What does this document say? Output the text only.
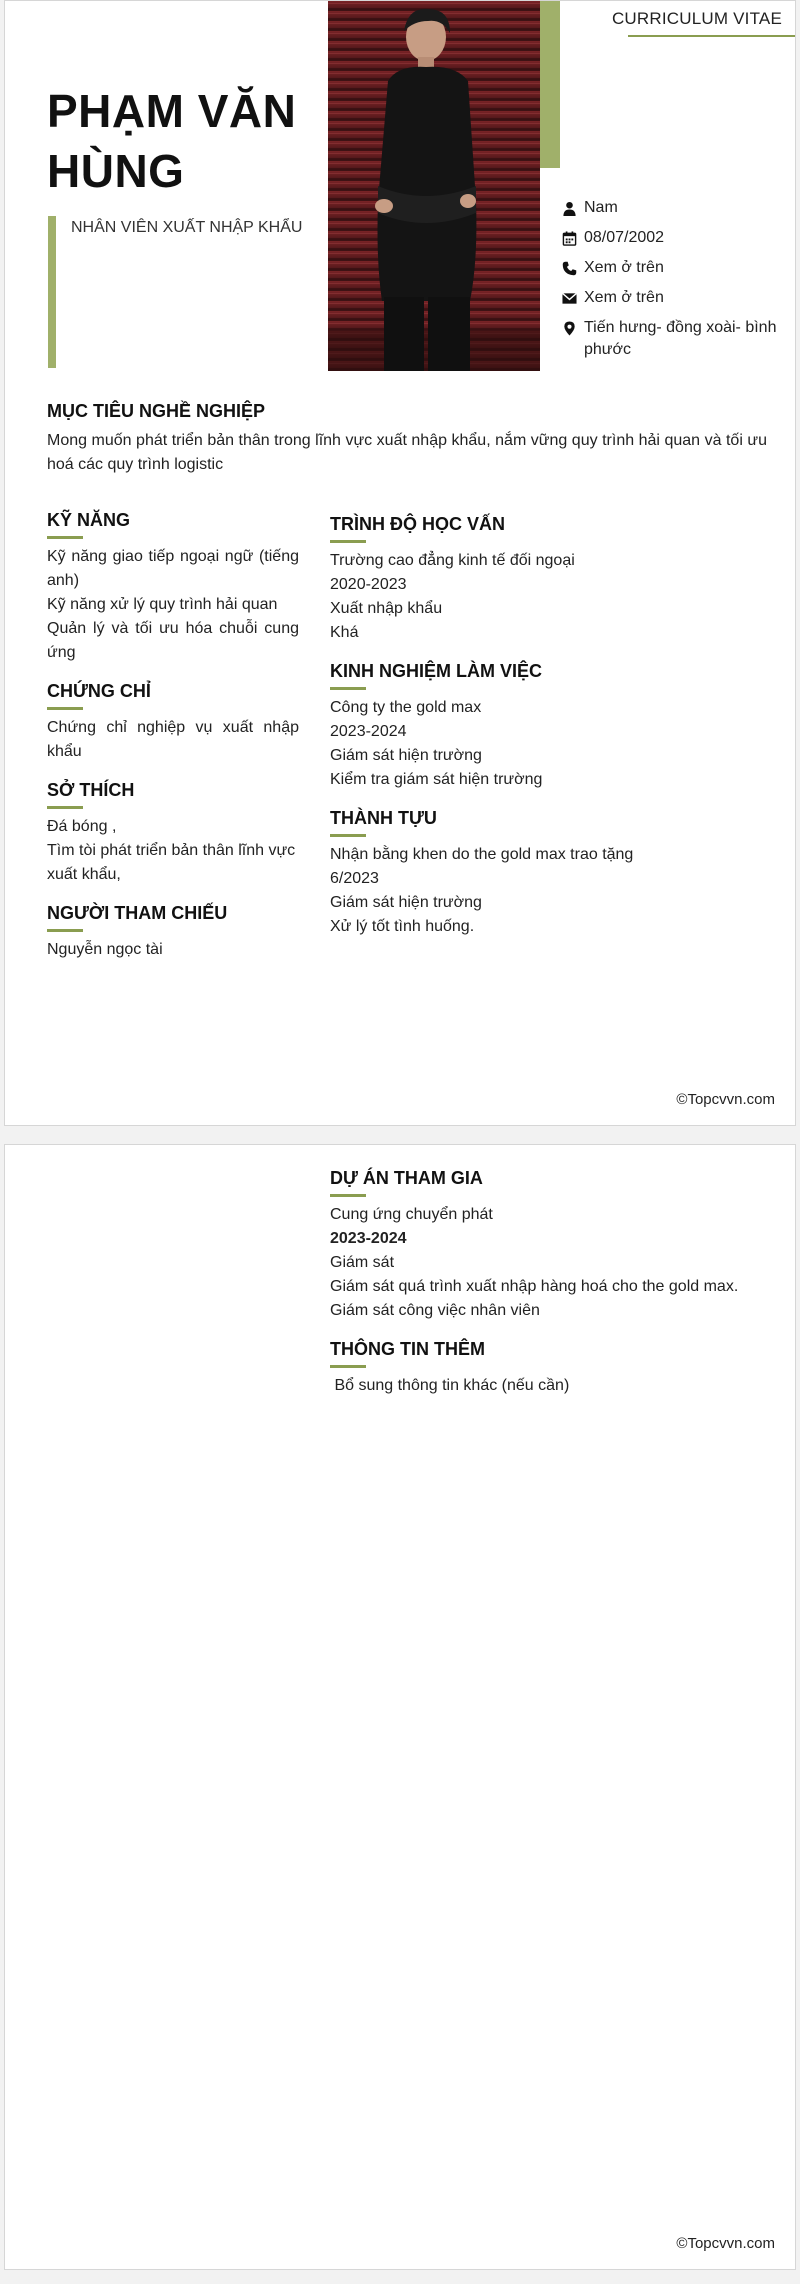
CURRICULUM VITAE
PHẠM VĂN HÙNG
NHÂN VIÊN XUẤT NHẬP KHẨU
Nam
08/07/2002
Xem ở trên
Xem ở trên
Tiến hưng- đồng xoài- bình phước
MỤC TIÊU NGHỀ NGHIỆP
Mong muốn phát triển bản thân trong lĩnh vực xuất nhập khẩu, nắm vững quy trình hải quan và tối ưu hoá các quy trình logistic
KỸ NĂNG
Kỹ năng giao tiếp ngoại ngữ (tiếng anh)
Kỹ năng xử lý quy trình hải quan
Quản lý và tối ưu hóa chuỗi cung ứng
CHỨNG CHỈ
Chứng chỉ nghiệp vụ xuất nhập khẩu
SỞ THÍCH
Đá bóng ,
Tìm tòi phát triển bản thân lĩnh vực xuất khẩu,
NGƯỜI THAM CHIẾU
Nguyễn ngọc tài
TRÌNH ĐỘ HỌC VẤN
Trường cao đẳng kinh tế đối ngoại
2020-2023
Xuất nhập khẩu
Khá
KINH NGHIỆM LÀM VIỆC
Công ty the gold max
2023-2024
Giám sát hiện trường
Kiểm tra giám sát hiện trường
THÀNH TỰU
Nhận bằng khen do the gold max trao tặng
6/2023
Giám sát hiện trường
Xử lý tốt tình huống.
©Topcvvn.com
DỰ ÁN THAM GIA
Cung ứng chuyển phát
2023-2024
Giám sát
Giám sát quá trình xuất nhập hàng hoá cho the gold max.
Giám sát công việc nhân viên
THÔNG TIN THÊM
Bổ sung thông tin khác (nếu cần)
©Topcvvn.com
